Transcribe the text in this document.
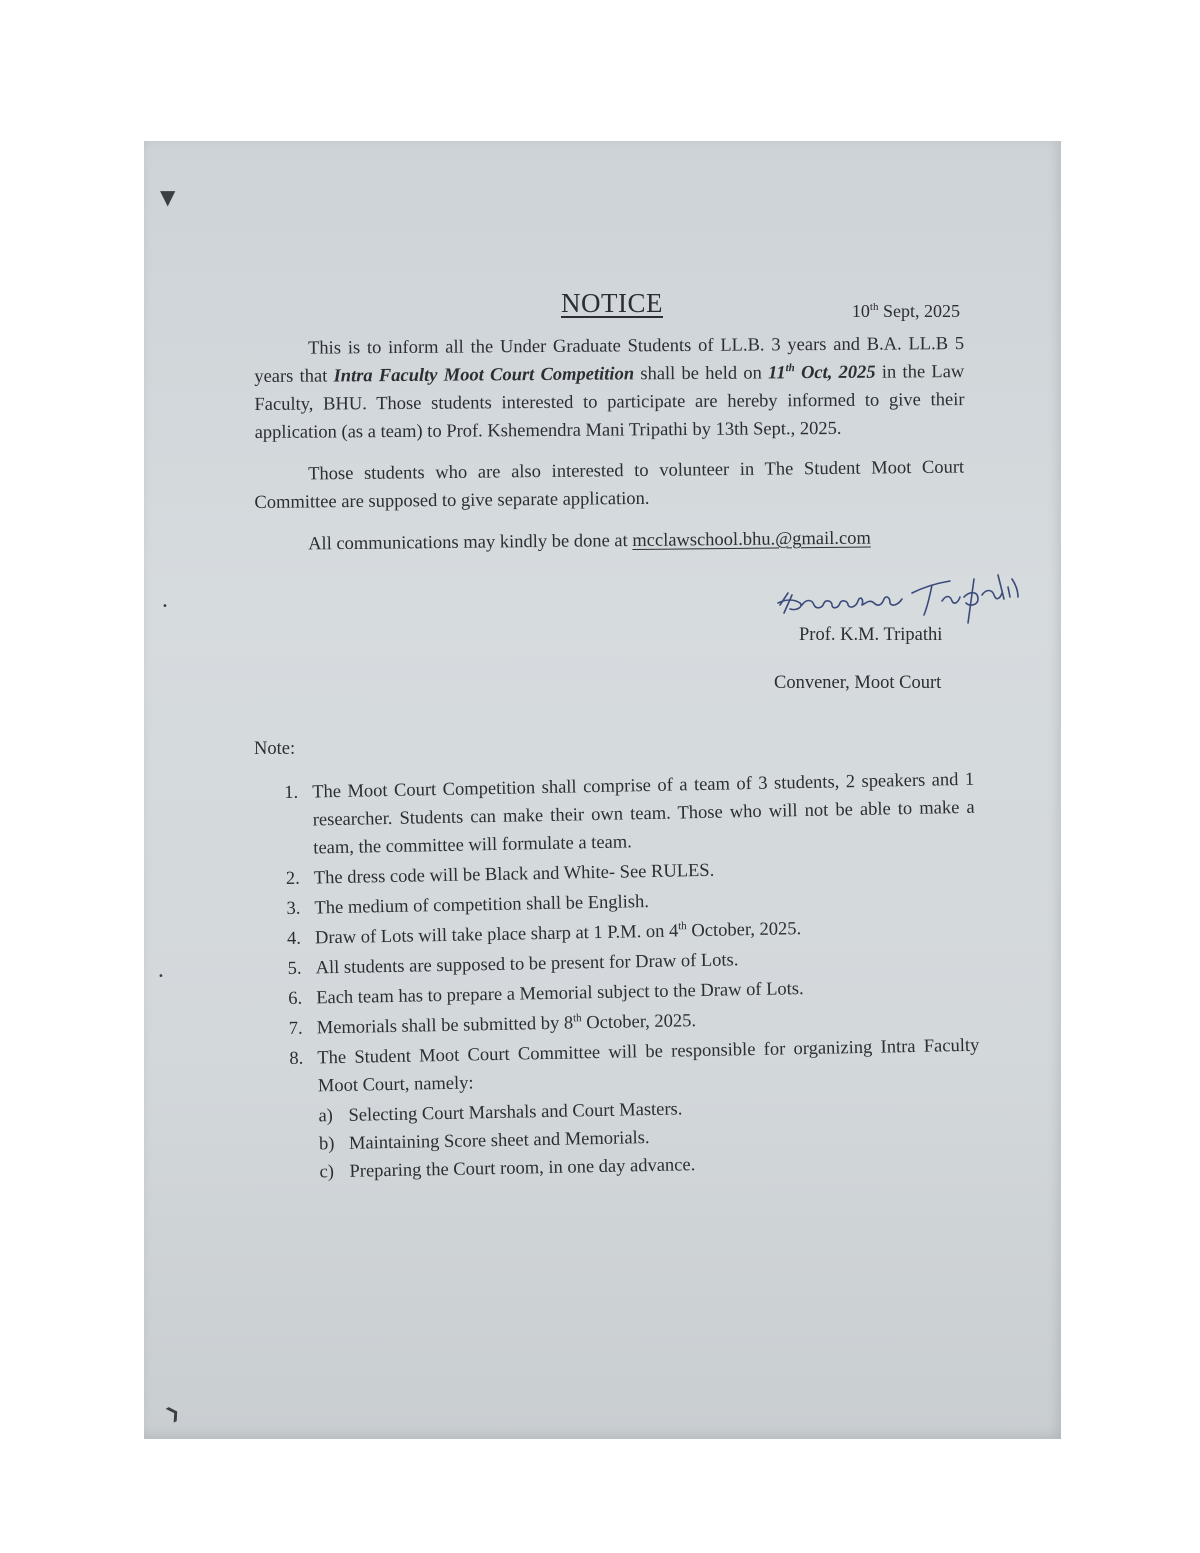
▼
❯
•
•
NOTICE	10th Sept, 2025

This is to inform all the Under Graduate Students of LL.B. 3 years and B.A. LL.B 5 years that Intra Faculty Moot Court Competition shall be held on 11th Oct, 2025 in the Law Faculty, BHU. Those students interested to participate are hereby informed to give their application (as a team) to Prof. Kshemendra Mani Tripathi by 13th Sept., 2025.

Those students who are also interested to volunteer in The Student Moot Court Committee are supposed to give separate application.

All communications may kindly be done at mcclawschool.bhu.@gmail.com

Prof. K.M. Tripathi
Convener, Moot Court
Note:
1. The Moot Court Competition shall comprise of a team of 3 students, 2 speakers and 1 researcher. Students can make their own team. Those who will not be able to make a team, the committee will formulate a team.
2. The dress code will be Black and White- See RULES.
3. The medium of competition shall be English.
4. Draw of Lots will take place sharp at 1 P.M. on 4th October, 2025.
5. All students are supposed to be present for Draw of Lots.
6. Each team has to prepare a Memorial subject to the Draw of Lots.
7. Memorials shall be submitted by 8th October, 2025.
8. The Student Moot Court Committee will be responsible for organizing Intra Faculty Moot Court, namely:
a) Selecting Court Marshals and Court Masters.
b) Maintaining Score sheet and Memorials.
c) Preparing the Court room, in one day advance.
